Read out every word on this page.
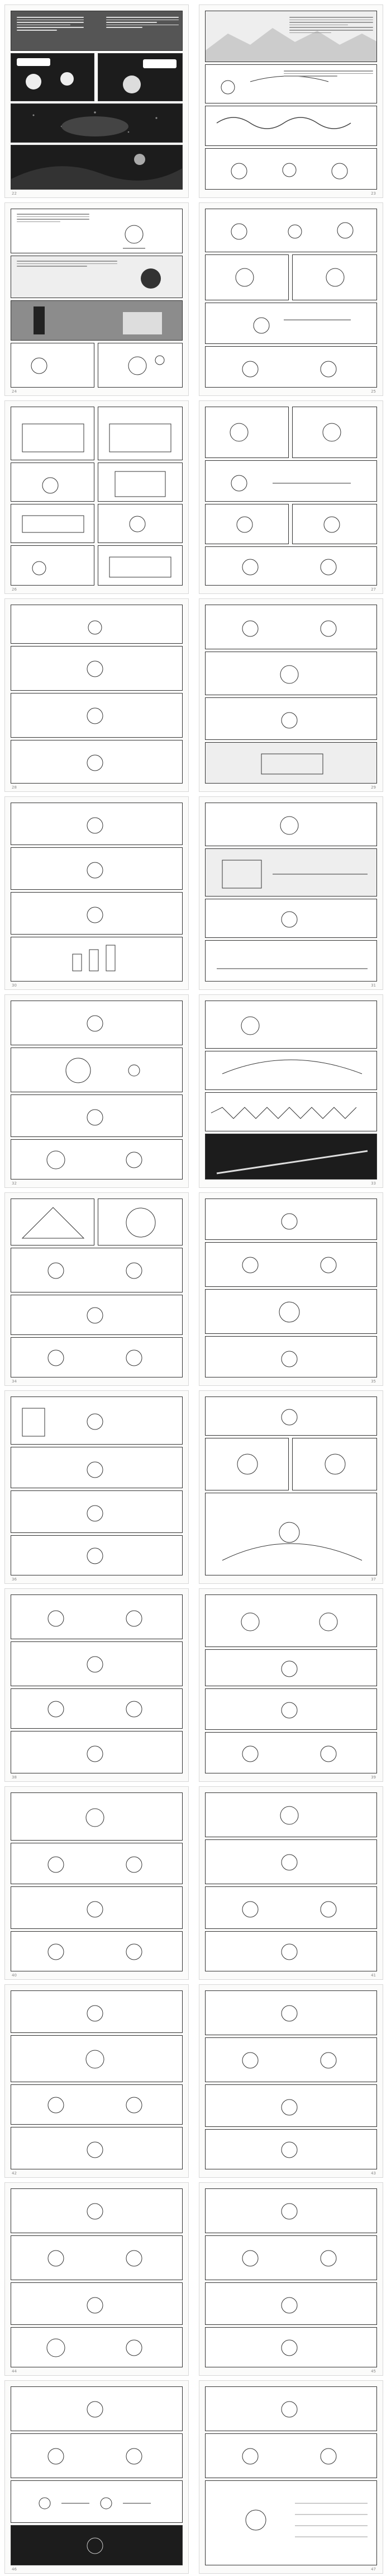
22	23
24	25
26	27
28	29
30	31
32	33
34	35
36	37
38	39
40	41
42	43
44	45
46	47
